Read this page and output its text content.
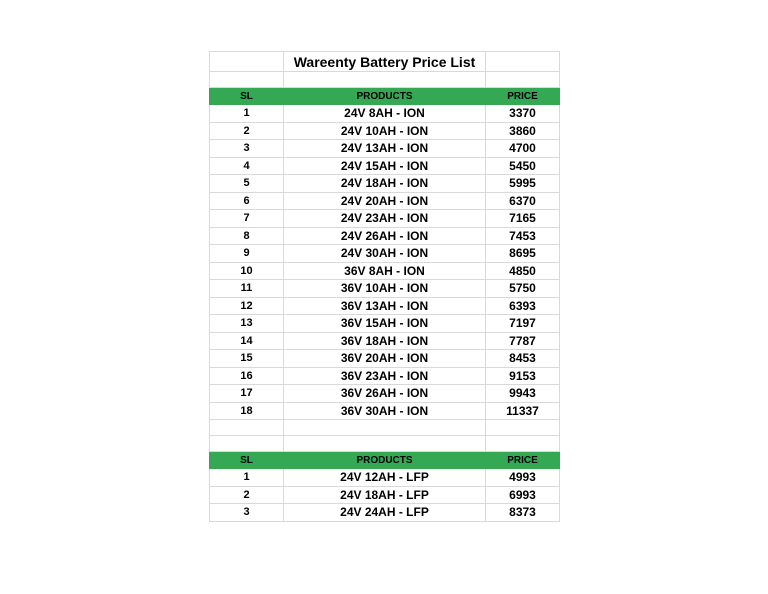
	Wareenty Battery Price List	

SL	PRODUCTS	PRICE
1	24V 8AH - ION	3370
2	24V 10AH - ION	3860
3	24V 13AH - ION	4700
4	24V 15AH - ION	5450
5	24V 18AH - ION	5995
6	24V 20AH - ION	6370
7	24V 23AH - ION	7165
8	24V 26AH - ION	7453
9	24V 30AH - ION	8695
10	36V 8AH - ION	4850
11	36V 10AH - ION	5750
12	36V 13AH - ION	6393
13	36V 15AH - ION	7197
14	36V 18AH - ION	7787
15	36V 20AH - ION	8453
16	36V 23AH - ION	9153
17	36V 26AH - ION	9943
18	36V 30AH - ION	11337

SL	PRODUCTS	PRICE
1	24V 12AH - LFP	4993
2	24V 18AH - LFP	6993
3	24V 24AH - LFP	8373
